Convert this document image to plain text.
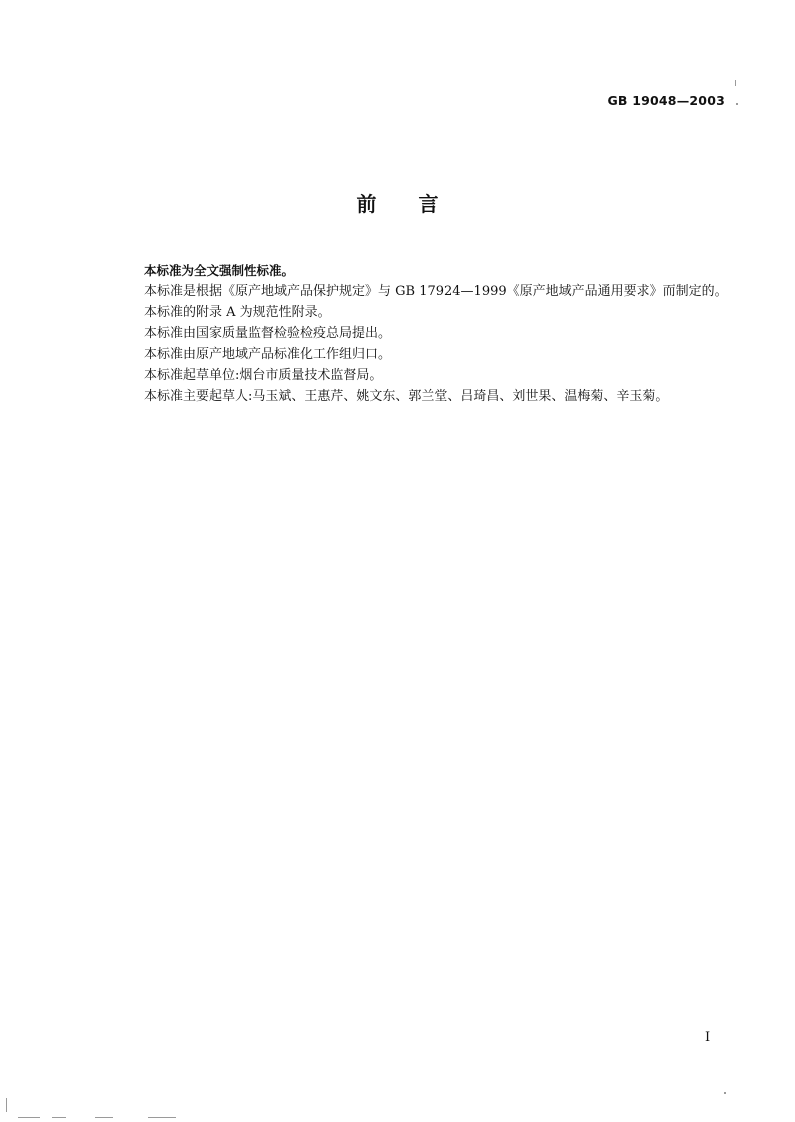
GB 19048—2003
前 言
本标准为全文强制性标准。
本标准是根据《原产地域产品保护规定》与 GB 17924—1999《原产地域产品通用要求》而制定的。
本标准的附录 A 为规范性附录。
本标准由国家质量监督检验检疫总局提出。
本标准由原产地域产品标准化工作组归口。
本标准起草单位:烟台市质量技术监督局。
本标准主要起草人:马玉斌、王惠芹、姚文东、郭兰堂、吕琦昌、刘世果、温梅菊、辛玉菊。
I
